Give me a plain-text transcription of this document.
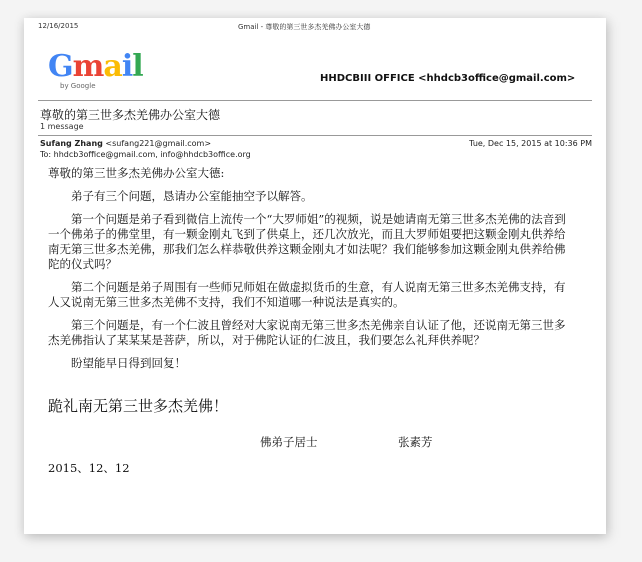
12/16/2015	Gmail - 尊敬的第三世多杰羌佛办公室大德
Gmail
by Google
HHDCBIII OFFICE <hhdcb3office@gmail.com>
尊敬的第三世多杰羌佛办公室大德
1 message
Sufang Zhang <sufang221@gmail.com>	Tue, Dec 15, 2015 at 10:36 PM
To: hhdcb3office@gmail.com, info@hhdcb3office.org
尊敬的第三世多杰羌佛办公室大德:
弟子有三个问题，恳请办公室能抽空予以解答。
第一个问题是弟子看到微信上流传一个“大罗师姐”的视频，说是她请南无第三世多杰羌佛的法音到一个佛弟子的佛堂里，有一颗金刚丸飞到了供桌上，还几次放光，而且大罗师姐要把这颗金刚丸供养给南无第三世多杰羌佛，那我们怎么样恭敬供养这颗金刚丸才如法呢？我们能够参加这颗金刚丸供养给佛陀的仪式吗？
第二个问题是弟子周围有一些师兄师姐在做虚拟货币的生意，有人说南无第三世多杰羌佛支持，有人又说南无第三世多杰羌佛不支持，我们不知道哪一种说法是真实的。
第三个问题是，有一个仁波且曾经对大家说南无第三世多杰羌佛亲自认证了他，还说南无第三世多杰羌佛指认了某某某是菩萨，所以，对于佛陀认证的仁波且，我们要怎么礼拜供养呢？
盼望能早日得到回复！
跪礼南无第三世多杰羌佛！
佛弟子居士	张素芳
2015、12、12
